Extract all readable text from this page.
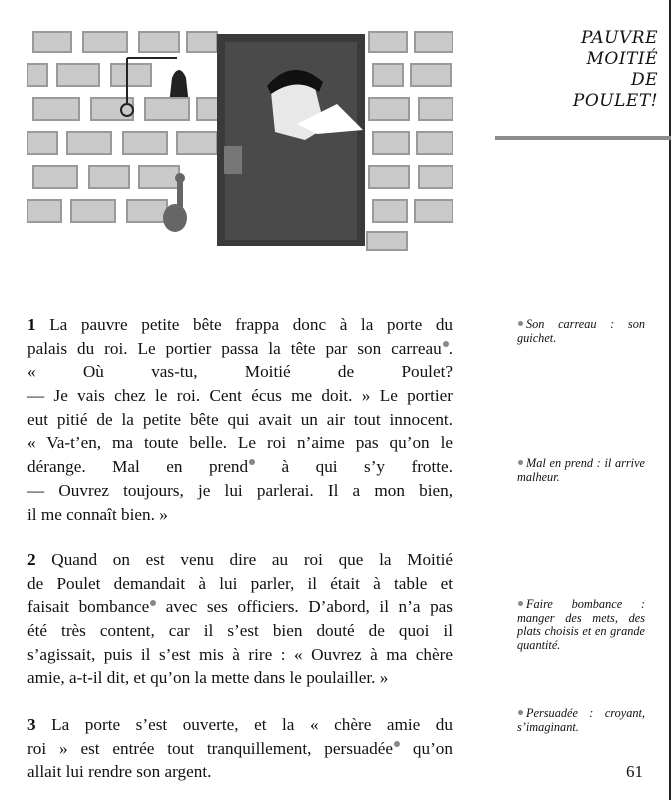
PAUVRE
MOITIÉ
DE
POULET!
1 La pauvre petite bête frappa donc à la porte du
palais du roi. Le portier passa la tête par son carreau .
« Où vas-tu, Moitié de Poulet?
— Je vais chez le roi. Cent écus me doit. » Le portier
eut pitié de la petite bête qui avait un air tout innocent.
« Va-t’en, ma toute belle. Le roi n’aime pas qu’on le
dérange. Mal en prend à qui s’y frotte.
— Ouvrez toujours, je lui parlerai. Il a mon bien,
il me connaît bien. »
2 Quand on est venu dire au roi que la Moitié
de Poulet demandait à lui parler, il était à table et
faisait bombance avec ses officiers. D’abord, il n’a pas
été très content, car il s’est bien douté de quoi il
s’agissait, puis il s’est mis à rire : « Ouvrez à ma chère
amie, a-t-il dit, et qu’on la mette dans le poulailler. »
3 La porte s’est ouverte, et la « chère amie du
roi » est entrée tout tranquillement, persuadée qu’on
allait lui rendre son argent.
Son carreau : son guichet.
Mal en prend : il arrive malheur.
Faire bombance : manger des mets, des plats choisis et en grande quantité.
Persuadée : croyant, s’imaginant.
61
